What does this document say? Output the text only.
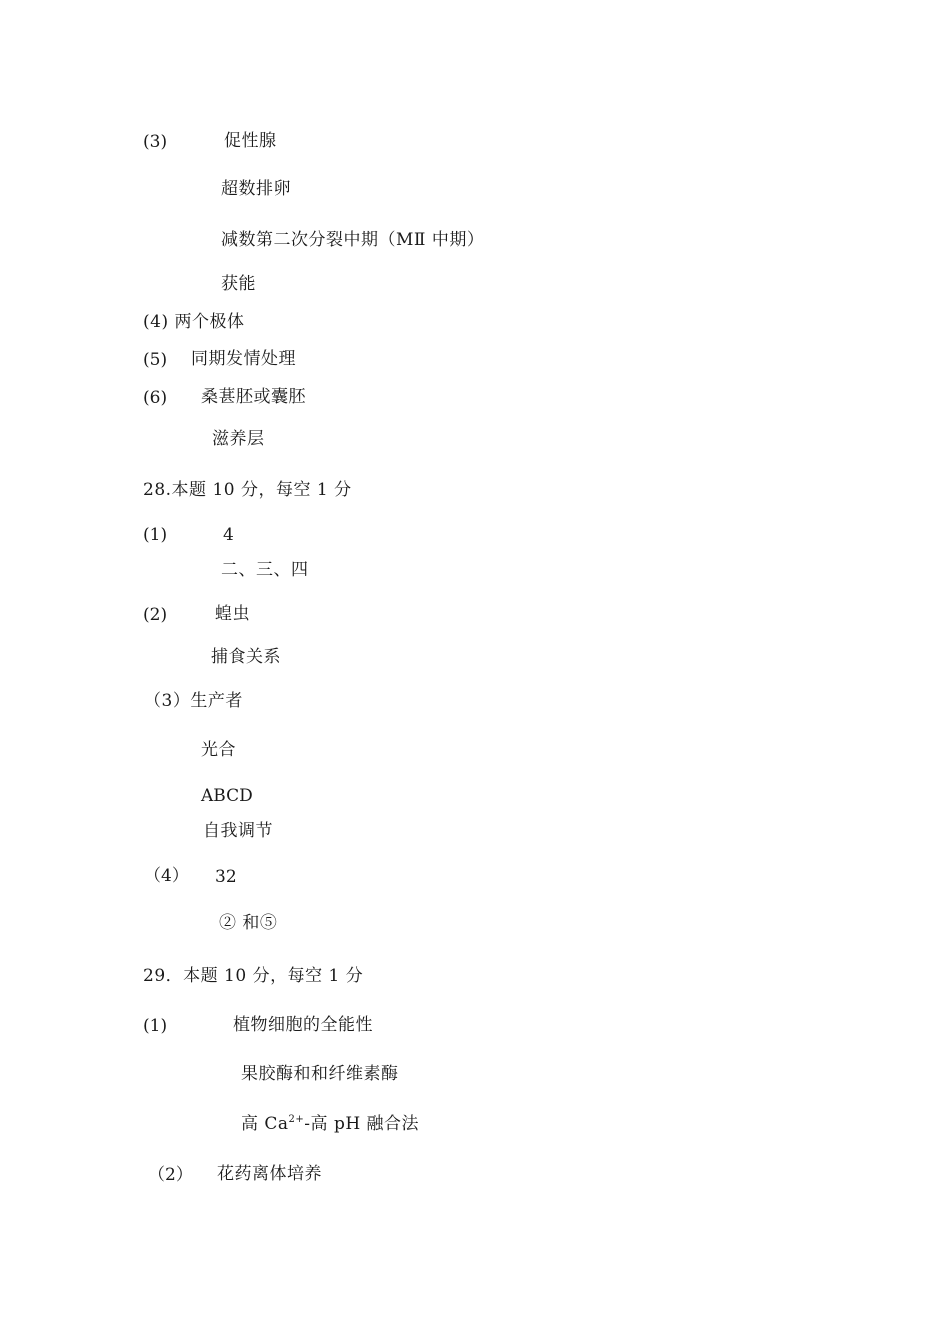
(3)	促性腺
超数排卵
减数第二次分裂中期（MⅡ 中期）
获能
(4) 两个极体
(5) 同期发情处理
(6) 桑葚胚或囊胚
滋养层
28.本题 10 分，每空 1 分
(1)	4
二、三、四
(2)	蝗虫
捕食关系
（3）生产者
光合
ABCD
自我调节
（4） 32
② 和⑤
29．本题 10 分，每空 1 分
(1)	植物细胞的全能性
果胶酶和和纤维素酶
高 $Ca^{2+}-$高 pH 融合法
（2） 花药离体培养
